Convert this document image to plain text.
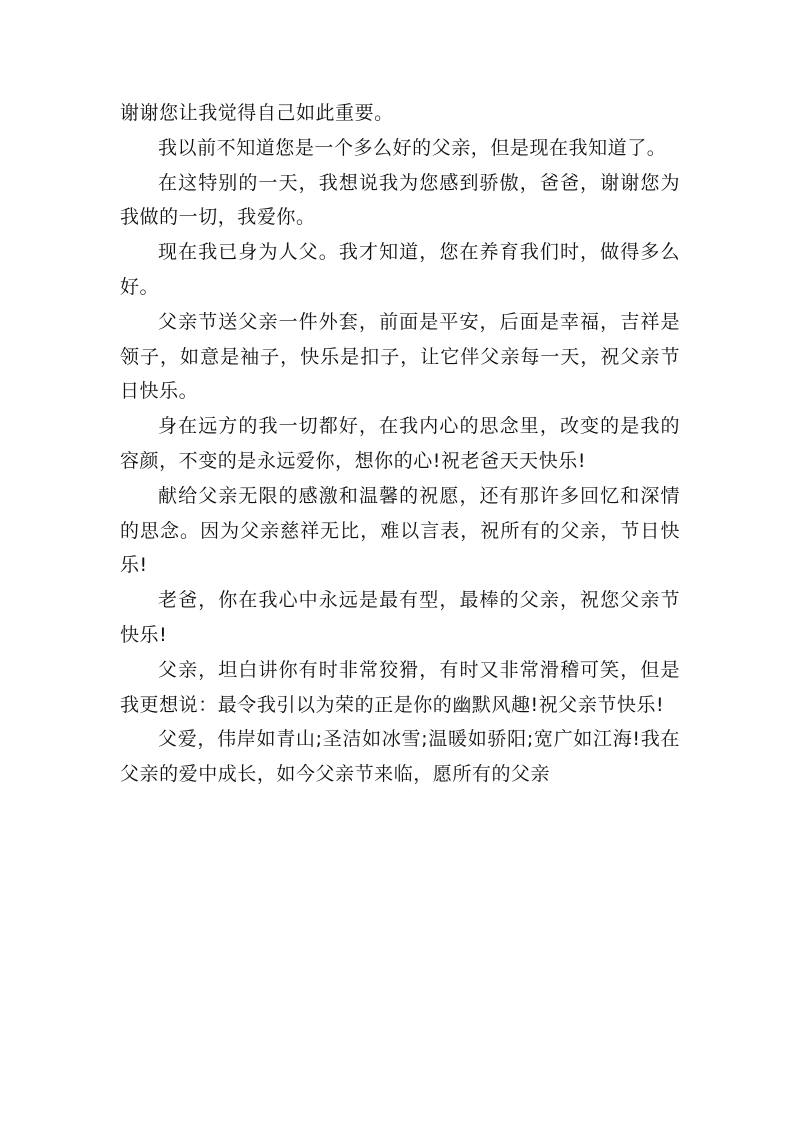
谢谢您让我觉得自己如此重要。

我以前不知道您是一个多么好的父亲，但是现在我知道了。

在这特别的一天，我想说我为您感到骄傲，爸爸，谢谢您为我做的一切，我爱你。

现在我已身为人父。我才知道，您在养育我们时，做得多么好。

父亲节送父亲一件外套，前面是平安，后面是幸福，吉祥是领子，如意是袖子，快乐是扣子，让它伴父亲每一天，祝父亲节日快乐。

身在远方的我一切都好，在我内心的思念里，改变的是我的容颜，不变的是永远爱你，想你的心!祝老爸天天快乐!

献给父亲无限的感激和温馨的祝愿，还有那许多回忆和深情的思念。因为父亲慈祥无比，难以言表，祝所有的父亲，节日快乐!

老爸，你在我心中永远是最有型，最棒的父亲，祝您父亲节快乐!

父亲，坦白讲你有时非常狡猾，有时又非常滑稽可笑，但是我更想说：最令我引以为荣的正是你的幽默风趣!祝父亲节快乐!

父爱，伟岸如青山;圣洁如冰雪;温暖如骄阳;宽广如江海!我在父亲的爱中成长，如今父亲节来临，愿所有的父亲
